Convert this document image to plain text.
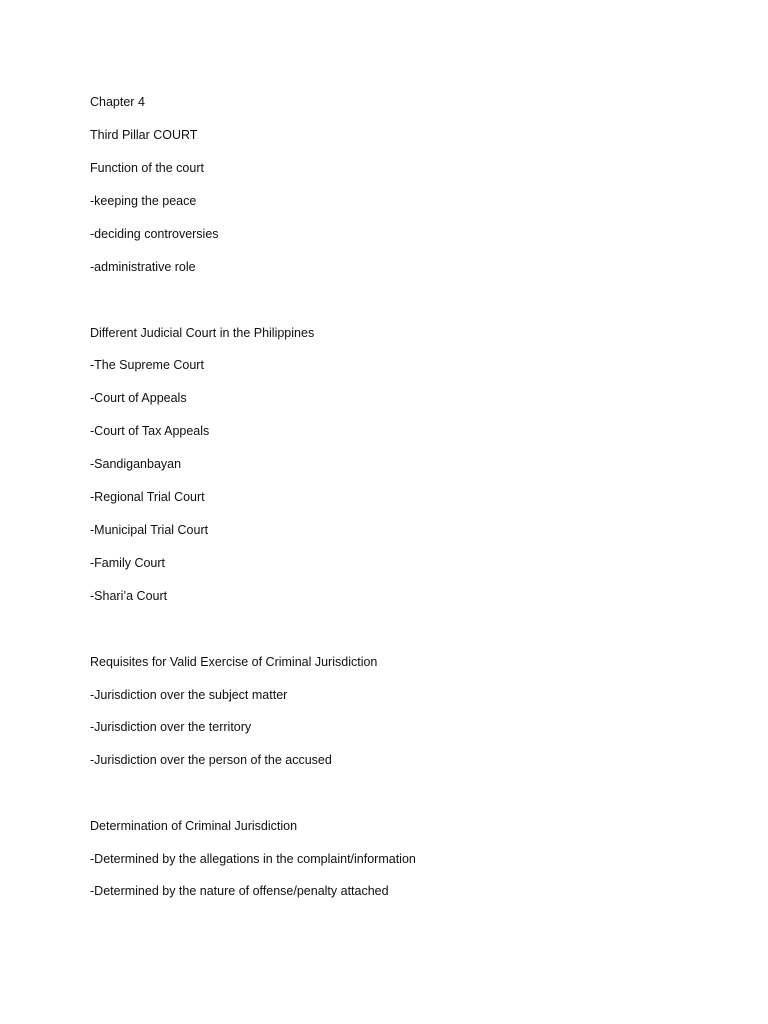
Chapter 4

Third Pillar COURT

Function of the court

-keeping the peace

-deciding controversies

-administrative role

Different Judicial Court in the Philippines

-The Supreme Court

-Court of Appeals

-Court of Tax Appeals

-Sandiganbayan

-Regional Trial Court

-Municipal Trial Court

-Family Court

-Shari’a Court

Requisites for Valid Exercise of Criminal Jurisdiction

-Jurisdiction over the subject matter

-Jurisdiction over the territory

-Jurisdiction over the person of the accused

Determination of Criminal Jurisdiction

-Determined by the allegations in the complaint/information

-Determined by the nature of offense/penalty attached
